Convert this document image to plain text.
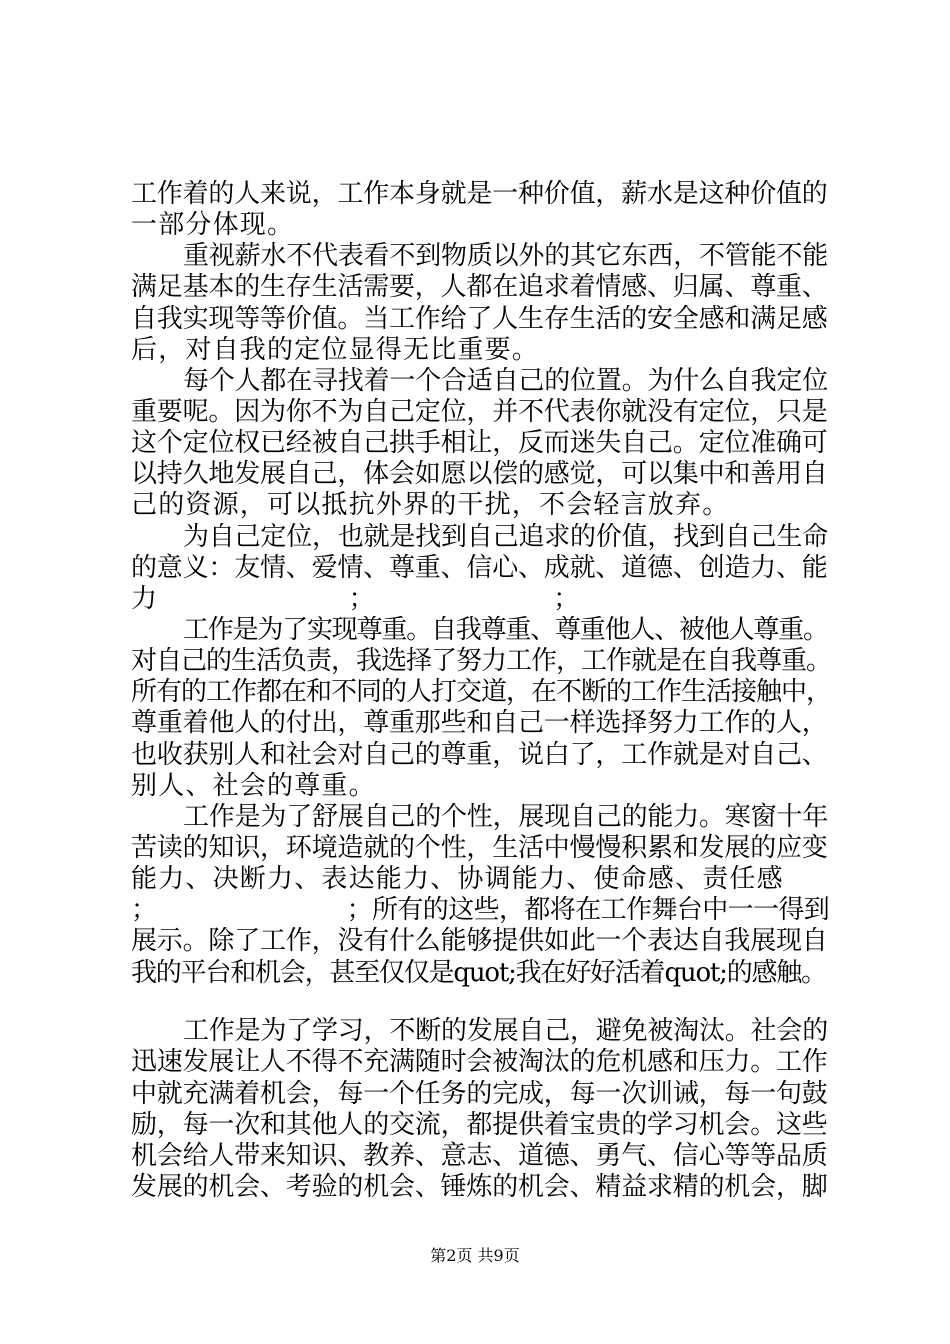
工作着的人来说，工作本身就是一种价值，薪水是这种价值的
一部分体现。
重视薪水不代表看不到物质以外的其它东西，不管能不能
满足基本的生存生活需要，人都在追求着情感、归属、尊重、
自我实现等等价值。当工作给了人生存生活的安全感和满足感
后，对自我的定位显得无比重要。
每个人都在寻找着一个合适自己的位置。为什么自我定位
重要呢。因为你不为自己定位，并不代表你就没有定位，只是
这个定位权已经被自己拱手相让，反而迷失自己。定位准确可
以持久地发展自己，体会如愿以偿的感觉，可以集中和善用自
己的资源，可以抵抗外界的干扰，不会轻言放弃。
为自己定位，也就是找到自己追求的价值，找到自己生命
的意义：友情、爱情、尊重、信心、成就、道德、创造力、能
力　　　　　　　；　　　　　　　；
工作是为了实现尊重。自我尊重、尊重他人、被他人尊重。
对自己的生活负责，我选择了努力工作，工作就是在自我尊重。
所有的工作都在和不同的人打交道，在不断的工作生活接触中，
尊重着他人的付出，尊重那些和自己一样选择努力工作的人，
也收获别人和社会对自己的尊重，说白了，工作就是对自己、
别人、社会的尊重。
工作是为了舒展自己的个性，展现自己的能力。寒窗十年
苦读的知识，环境造就的个性，生活中慢慢积累和发展的应变
能力、决断力、表达能力、协调能力、使命感、责任感
；　　　　　　　　；所有的这些，都将在工作舞台中一一得到
展示。除了工作，没有什么能够提供如此一个表达自我展现自
我的平台和机会，甚至仅仅是quot;我在好好活着quot;的感触。
工作是为了学习，不断的发展自己，避免被淘汰。社会的
迅速发展让人不得不充满随时会被淘汰的危机感和压力。工作
中就充满着机会，每一个任务的完成，每一次训诫，每一句鼓
励，每一次和其他人的交流，都提供着宝贵的学习机会。这些
机会给人带来知识、教养、意志、道德、勇气、信心等等品质
发展的机会、考验的机会、锤炼的机会、精益求精的机会，脚
第2页 共9页
